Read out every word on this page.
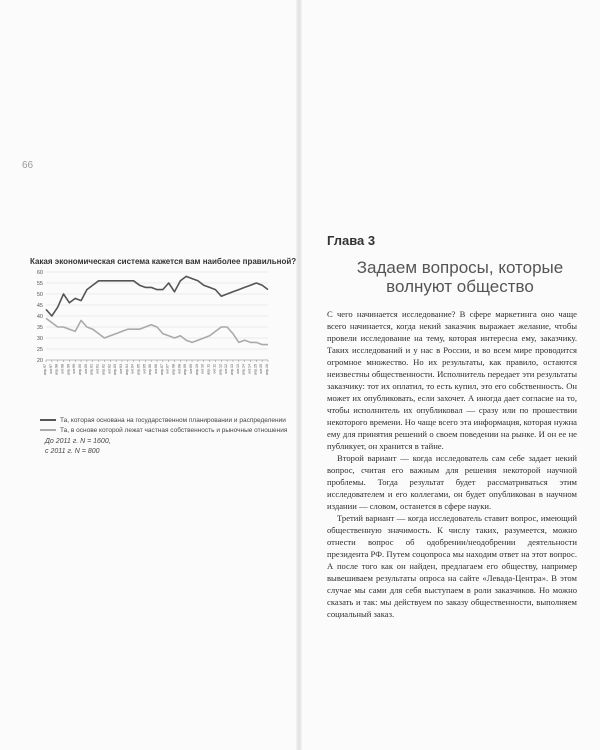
66
Какая экономическая система кажется вам наиболее правильной?
20
25
30
35
40
45
50
55
60
апр.97 окт.97 апр.98 окт.98 апр.99 окт.99 апр.00 окт.00 апр.01 окт.01 апр.02 окт.02 апр.03 окт.03 апр.04 окт.04 апр.05 окт.05 апр.06 окт.06 апр.07 окт.07 апр.08 окт.08 апр.09 окт.09 апр.10 окт.10 апр.11 окт.11 апр.12 окт.12 апр.13 окт.13 апр.14 окт.14 апр.15 окт.15 апр.16
Та, которая основана на государственном планировании и распределении
Та, в основе которой лежат частная собственность и рыночные отношения
До 2011 г. N = 1600,
с 2011 г. N = 800
Глава 3
Задаем вопросы, которые
волнуют общество

С чего начинается исследование? В сфере маркетинга оно чаще всего начинается, когда некий заказчик выражает желание, чтобы провели исследование на тему, которая интересна ему, заказчику. Таких исследований и у нас в России, и во всем мире проводится огромное множество. Но их результаты, как правило, остаются неизвестны общественности. Исполнитель передает эти результаты заказчику: тот их оплатил, то есть купил, это его собственность. Он может их опубликовать, если захочет. А иногда дает согласие на то, чтобы исполнитель их опубликовал — сразу или по прошествии некоторого времени. Но чаще всего эта информация, которая нужна ему для принятия решений о своем поведении на рынке. И он ее не публикует, он хранится в тайне.

Второй вариант — когда исследователь сам себе задает некий вопрос, считая его важным для решения некоторой научной проблемы. Тогда результат будет рассматриваться этим исследователем и его коллегами, он будет опубликован в научном издании — словом, останется в сфере науки.

Третий вариант — когда исследователь ставит вопрос, имеющий общественную значимость. К числу таких, разумеется, можно отнести вопрос об одобрении/неодобрении деятельности президента РФ. Путем соцопроса мы находим ответ на этот вопрос. А после того как он найден, предлагаем его обществу, например вывешиваем результаты опроса на сайте «Левада-Центра». В этом случае мы сами для себя выступаем в роли заказчиков. Но можно сказать и так: мы действуем по заказу общественности, выполняем социальный заказ.
